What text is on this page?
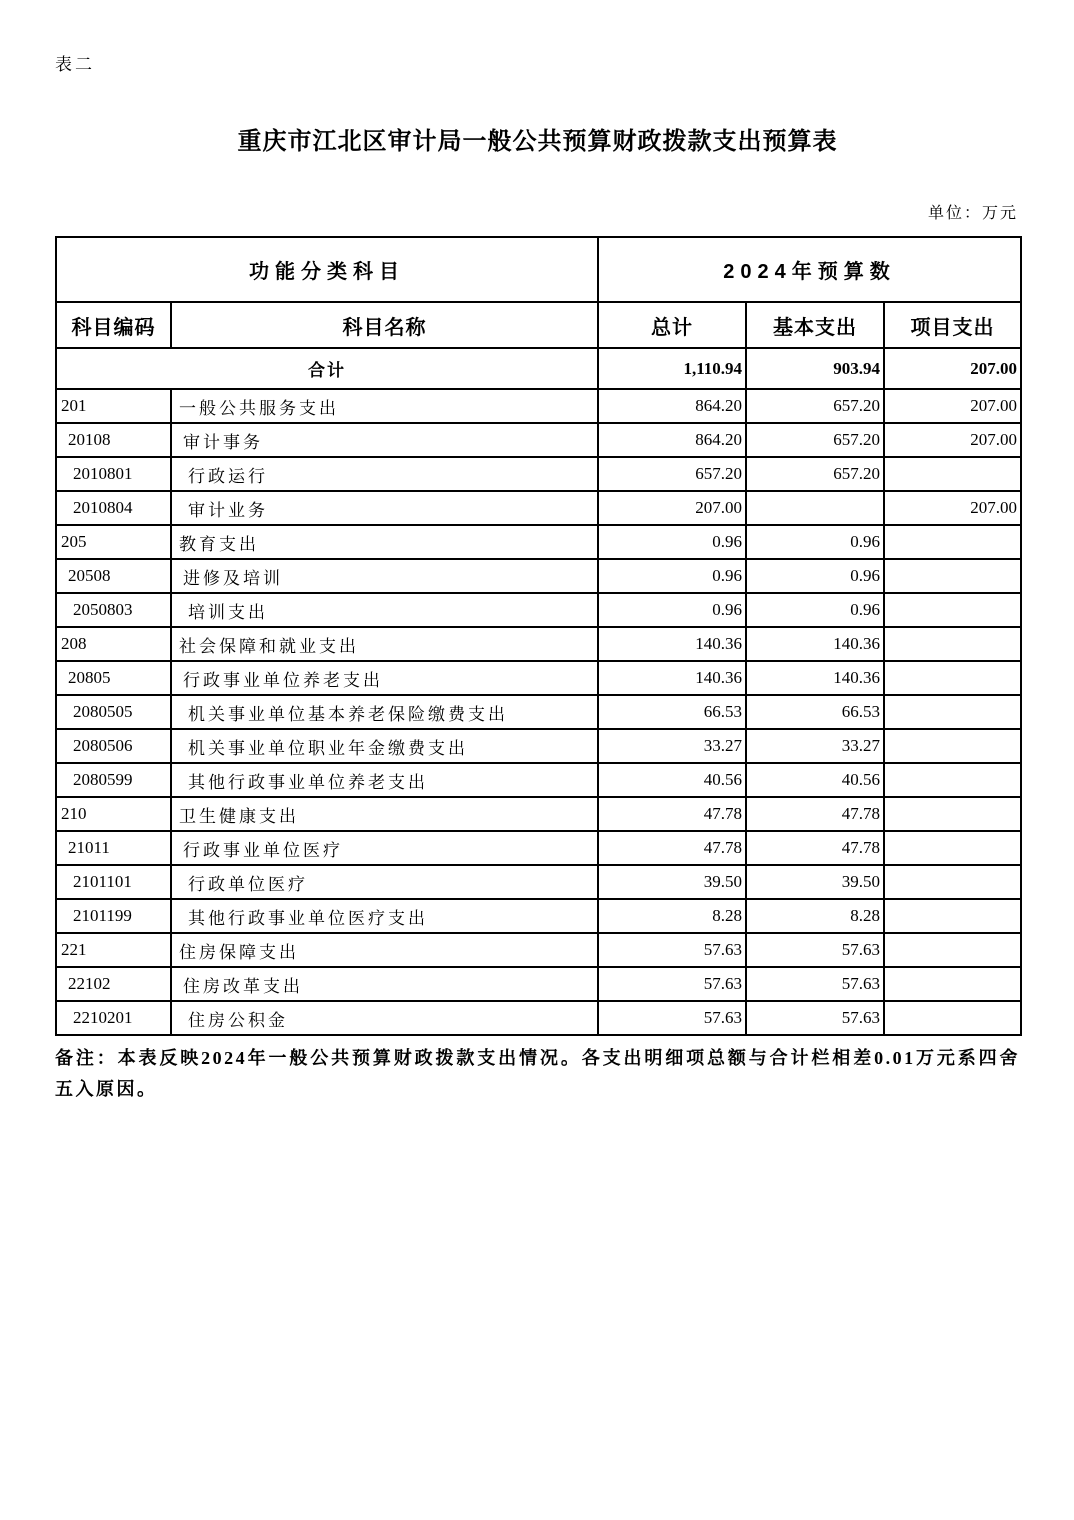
表二
重庆市江北区审计局一般公共预算财政拨款支出预算表
单位：万元
功能分类科目		2024年预算数		
科目编码	科目名称	总计	基本支出	项目支出
合计		1,110.94	903.94	207.00
201	一般公共服务支出	864.20	657.20	207.00
20108	审计事务	864.20	657.20	207.00
2010801	行政运行	657.20	657.20	
2010804	审计业务	207.00		207.00
205	教育支出	0.96	0.96	
20508	进修及培训	0.96	0.96	
2050803	培训支出	0.96	0.96	
208	社会保障和就业支出	140.36	140.36	
20805	行政事业单位养老支出	140.36	140.36	
2080505	机关事业单位基本养老保险缴费支出	66.53	66.53	
2080506	机关事业单位职业年金缴费支出	33.27	33.27	
2080599	其他行政事业单位养老支出	40.56	40.56	
210	卫生健康支出	47.78	47.78	
21011	行政事业单位医疗	47.78	47.78	
2101101	行政单位医疗	39.50	39.50	
2101199	其他行政事业单位医疗支出	8.28	8.28	
221	住房保障支出	57.63	57.63	
22102	住房改革支出	57.63	57.63	
2210201	住房公积金	57.63	57.63	
备注：本表反映2024年一般公共预算财政拨款支出情况。各支出明细项总额与合计栏相差0.01万元系四舍五入原因。
